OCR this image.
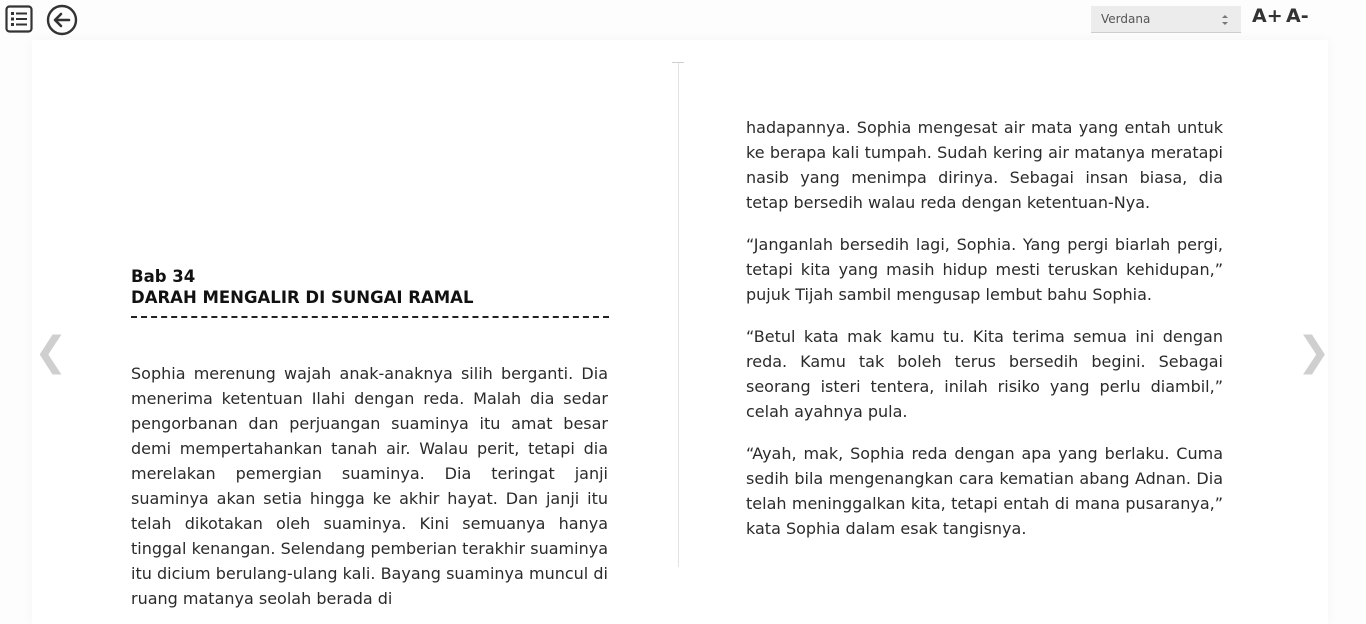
Verdana	A+ A-
❮	❯
Bab 34
DARAH MENGALIR DI SUNGAI RAMAL

Sophia merenung wajah anak-anaknya silih berganti. Dia menerima ketentuan Ilahi dengan reda. Malah dia sedar pengorbanan dan perjuangan suaminya itu amat besar demi mempertahankan tanah air. Walau perit, tetapi dia merelakan pemergian suaminya. Dia teringat janji suaminya akan setia hingga ke akhir hayat. Dan janji itu telah dikotakan oleh suaminya. Kini semuanya hanya tinggal kenangan. Selendang pemberian terakhir suaminya itu dicium berulang-ulang kali. Bayang suaminya muncul di ruang matanya seolah berada di

hadapannya. Sophia mengesat air mata yang entah untuk ke berapa kali tumpah. Sudah kering air matanya meratapi nasib yang menimpa dirinya. Sebagai insan biasa, dia tetap bersedih walau reda dengan ketentuan-Nya.

“Janganlah bersedih lagi, Sophia. Yang pergi biarlah pergi, tetapi kita yang masih hidup mesti teruskan kehidupan,” pujuk Tijah sambil mengusap lembut bahu Sophia.

“Betul kata mak kamu tu. Kita terima semua ini dengan reda. Kamu tak boleh terus bersedih begini. Sebagai seorang isteri tentera, inilah risiko yang perlu diambil,” celah ayahnya pula.

“Ayah, mak, Sophia reda dengan apa yang berlaku. Cuma sedih bila mengenangkan cara kematian abang Adnan. Dia telah meninggalkan kita, tetapi entah di mana pusaranya,” kata Sophia dalam esak tangisnya.
